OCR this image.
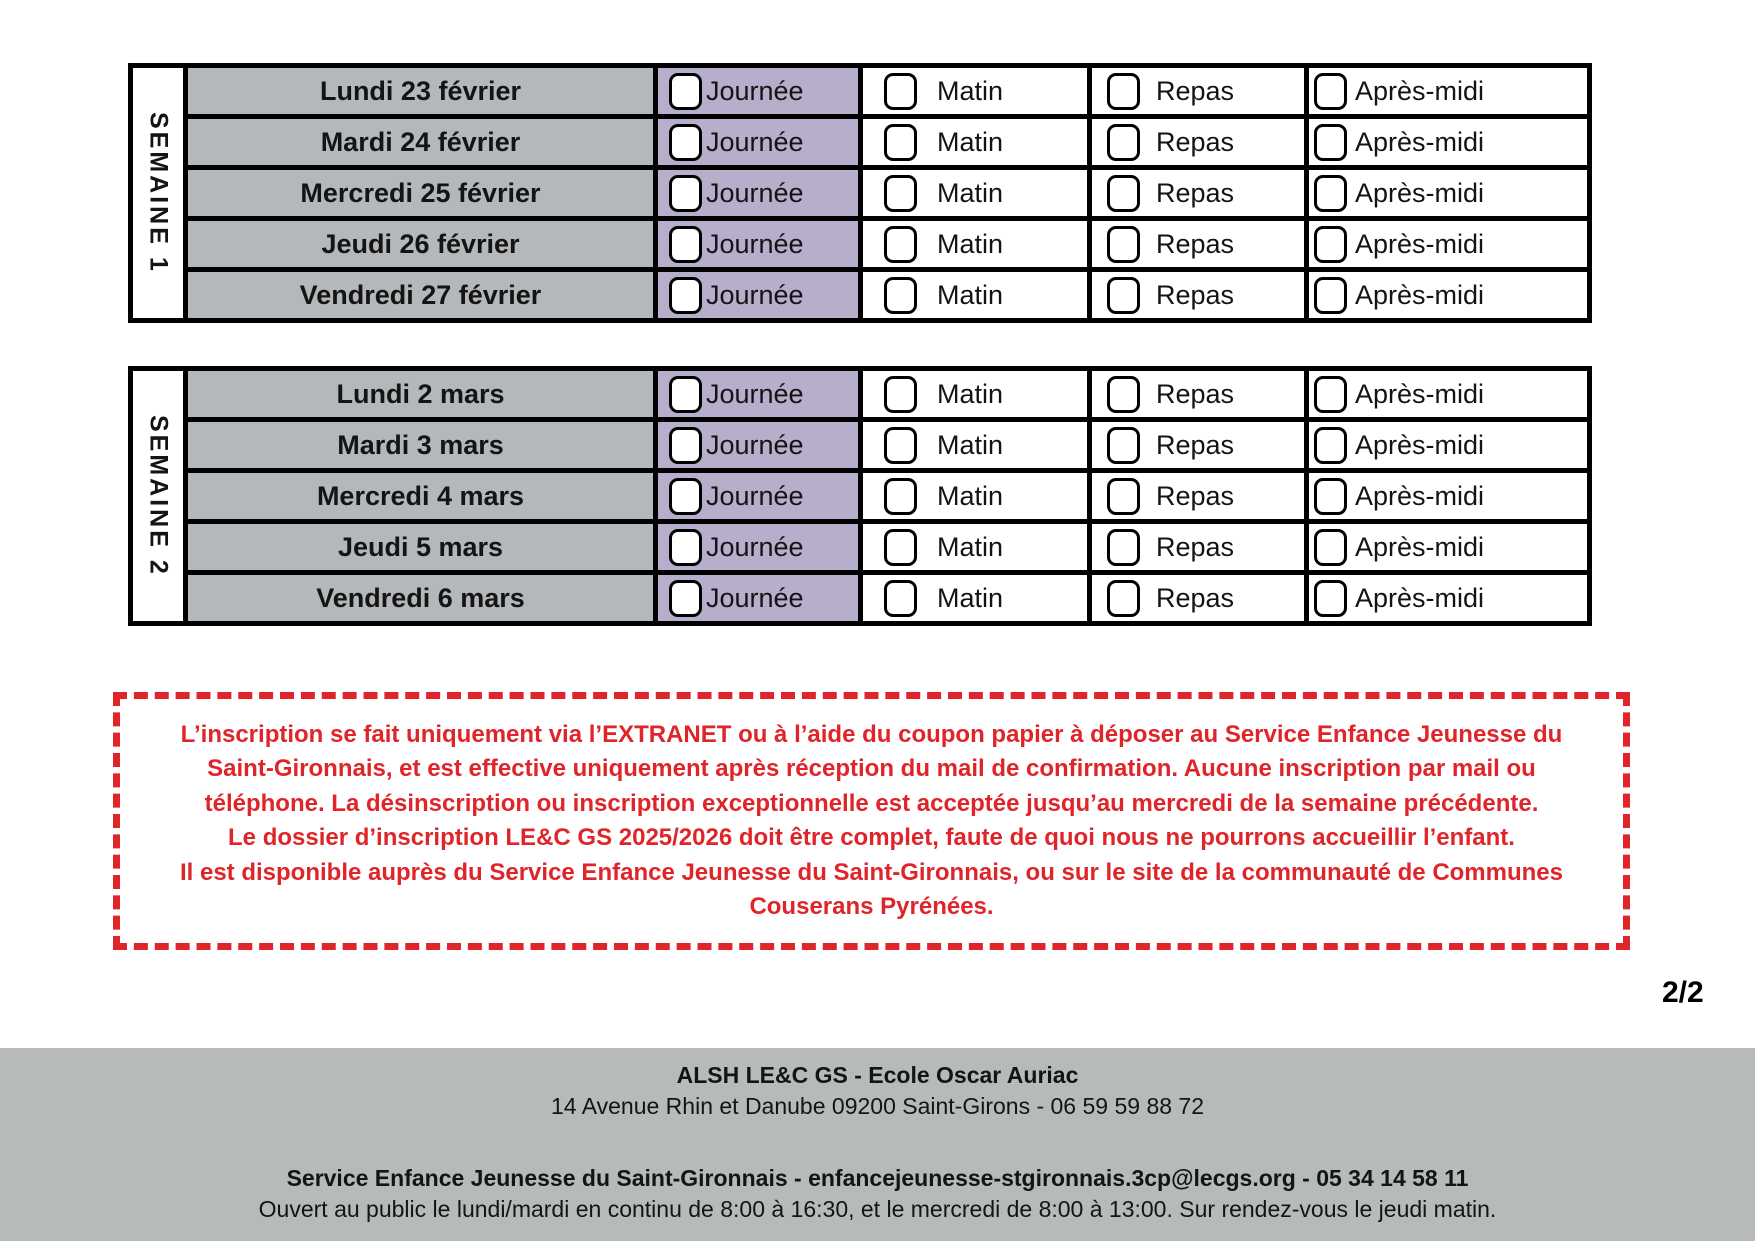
SEMAINE 1
Lundi 23 février	Journée	Matin	Repas	Après-midi
Mardi 24 février	Journée	Matin	Repas	Après-midi
Mercredi 25 février	Journée	Matin	Repas	Après-midi
Jeudi 26 février	Journée	Matin	Repas	Après-midi
Vendredi 27 février	Journée	Matin	Repas	Après-midi
SEMAINE 2
Lundi 2 mars	Journée	Matin	Repas	Après-midi
Mardi 3 mars	Journée	Matin	Repas	Après-midi
Mercredi 4 mars	Journée	Matin	Repas	Après-midi
Jeudi 5 mars	Journée	Matin	Repas	Après-midi
Vendredi 6 mars	Journée	Matin	Repas	Après-midi
L’inscription se fait uniquement via l’EXTRANET ou à l’aide du coupon papier à déposer au Service Enfance Jeunesse du
Saint-Gironnais, et est effective uniquement après réception du mail de confirmation. Aucune inscription par mail ou
téléphone. La désinscription ou inscription exceptionnelle est acceptée jusqu’au mercredi de la semaine précédente.
Le dossier d’inscription LE&C GS 2025/2026 doit être complet, faute de quoi nous ne pourrons accueillir l’enfant.
Il est disponible auprès du Service Enfance Jeunesse du Saint-Gironnais, ou sur le site de la communauté de Communes
Couserans Pyrénées.
2/2
ALSH LE&C GS - Ecole Oscar Auriac
14 Avenue Rhin et Danube 09200 Saint-Girons - 06 59 59 88 72
Service Enfance Jeunesse du Saint-Gironnais - enfancejeunesse-stgironnais.3cp@lecgs.org - 05 34 14 58 11
Ouvert au public le lundi/mardi en continu de 8:00 à 16:30, et le mercredi de 8:00 à 13:00. Sur rendez-vous le jeudi matin.
